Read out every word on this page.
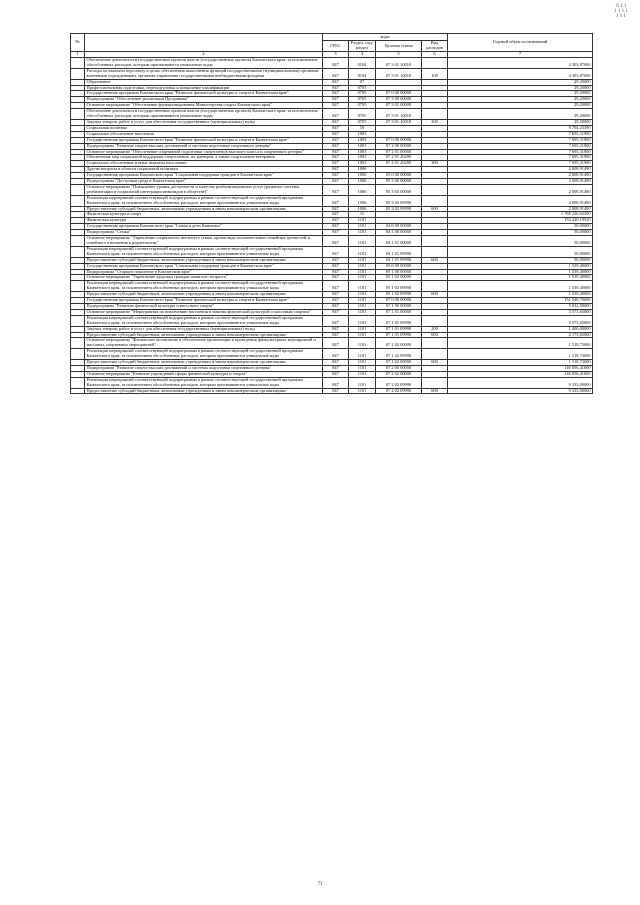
Л 1 1 1 1 1 1 1 1 1
№		коды				Годовой объем ассигнований
		ГРБС	Раздел, под-раздел	Целевая статья	Вид расходов	
1	2	3	4	5	6	7
	Обеспечение деятельности государственных органов власти (государственных органов) Камчатского края, за исключением обособленных расходов, которым присваиваются уникальные коды	847	0104	07 3 01 10010		4 303,87000
	Расходы на выплаты персоналу в целях обеспечения выполнения функций государственными (муниципальными) органами, казенными учреждениями, органами управления государственными внебюджетными фондами	847	0104	07 3 01 10010	100	4 303,87000
	Образование	847	07			29,20000
	Профессиональная подготовка, переподготовка и повышение квалификации	847	0705			29,20000
	Государственная программа Камчатского края "Развитие физической культуры и спорта в Камчатском крае"	847	0705	07 0 00 00000		29,20000
	Подпрограмма "Обеспечение реализации Программы"	847	0705	07 3 00 00000		29,20000
	Основное мероприятие "Обеспечение функционирования Министерства спорта Камчатского края"	847	0705	07 3 01 00000		29,20000
	Обеспечение деятельности государственных органов власти (государственных органов) Камчатского края, за исключением обособленных расходов, которым присваиваются уникальные коды	847	0705	07 3 01 10010		29,20000
	Закупка товаров, работ и услуг для обеспечения государственных (муниципальных) нужд	847	0705	07 3 01 10010	200	29,20000
	Социальная политика	847	10			9 704,23390
	Социальное обеспечение населения	847	1003			7 695,31900
	Государственная программа Камчатского края "Развитие физической культуры и спорта в Камчатском крае"	847	1003	07 0 00 00000		7 695,31900
	Подпрограмма "Развитие спорта высших достижений и системы подготовки спортивного резерва"	847	1003	07 2 00 00000		7 695,31900
	Основное мероприятие "Обеспечение спортивной подготовки спортсменов высокого класса и спортивного резерва"	847	1003	07 2 01 00000		7 695,31900
	Обеспечение мер социальной поддержки спортсменов, их тренеров, а также спортсменов-ветеранов	847	1003	07 2 01 20290		7 695,31900
	Социальное обеспечение и иные выплаты населению	847	1003	07 2 01 20290	300	7 695,31900
	Другие вопросы в области социальной политики	847	1006			2 008,91490
	Государственная программа Камчатского края "Социальная поддержка граждан в Камчатском крае"	847	1006	05 0 00 00000		2 008,91490
	Подпрограмма "Доступная среда в Камчатском крае"	847	1006	05 3 00 00000		2 008,91490
	Основное мероприятие "Повышение уровня доступности и качества реабилитационных услуг (развитие системы реабилитации и социальной интеграции инвалидов в обществе)"	847	1006	05 3 03 00000		2 008,91490
	Реализация мероприятий соответствующей подпрограммы в рамках соответствующей государственной программы Камчатского края, за исключением обособленных расходов, которым присваиваются уникальные коды	847	1006	05 3 03 09990		2 008,91490
	Предоставление субсидий бюджетным, автономным учреждениям и иным некоммерческим организациям	847	1006	05 3 03 09990	600	2 008,91490
	Физическая культура и спорт	847	11			1 788 226,02300
	Физическая культура	847	1101			153 220,19520
	Государственная программа Камчатского края "Семья и дети Камчатки"	847	1101	04 0 00 00000		50,00000
	Подпрограмма "Семья"	847	1101	04 1 00 00000		50,00000
	Основное мероприятие "Укрепление социального института семьи, пропаганда положительных семейных ценностей и семейного отношения к родительству"	847	1101	04 1 01 00000		50,00000
	Реализация мероприятий соответствующей подпрограммы в рамках соответствующей государственной программы Камчатского края, за исключением обособленных расходов, которым присваиваются уникальные коды	847	1101	04 1 01 09990		50,00000
	Предоставление субсидий бюджетным, автономным учреждениям и иным некоммерческим организациям	847	1101	04 1 01 09990	600	50,00000
	Государственная программа Камчатского края "Социальная поддержка граждан в Камчатском крае"	847	1101	05 0 00 00000		1 539,40000
	Подпрограмма "Старшее поколение в Камчатском крае"	847	1101	05 1 00 00000		1 539,40000
	Основное мероприятие "Укрепление здоровья граждан пожилого возраста"	847	1101	05 1 02 00000		1 539,40000
	Реализация мероприятий соответствующей подпрограммы в рамках соответствующей государственной программы Камчатского края, за исключением обособленных расходов, которым присваиваются уникальные коды	847	1101	05 1 02 09990		1 539,40000
	Предоставление субсидий бюджетным, автономным учреждениям и иным некоммерческим организациям	847	1101	05 1 02 09990	600	1 539,40000
	Государственная программа Камчатского края "Развитие физической культуры и спорта в Камчатском крае"	847	1101	07 0 00 00000		151 548,79600
	Подпрограмма "Развитие физической культуры и массового спорта"	847	1101	07 1 00 00000		5 032,88000
	Основное мероприятие "Мероприятия по вовлечению населения в занятия физической культурой и массовым спортом"	847	1101	07 1 01 00000		3 573,65000
	Реализация мероприятий соответствующей подпрограммы в рамках соответствующей государственной программы Камчатского края, за исключением обособленных расходов, которым присваиваются уникальные коды	847	1101	07 1 01 09990		3 573,65000
	Закупка товаров, работ и услуг для обеспечения государственных (муниципальных) нужд	847	1101	07 1 01 09990	200	1 400,00000
	Предоставление субсидий бюджетным, автономным учреждениям и иным некоммерческим организациям	847	1101	07 1 01 09990	600	2 173,65000
	Основное мероприятие "Физическое воспитание и обеспечение организации и проведения физкультурных мероприятий и массовых спортивных мероприятий"	847	1101	07 1 02 00000		1 518,73000
	Реализация мероприятий соответствующей подпрограммы в рамках соответствующей государственной программы Камчатского края, за исключением обособленных расходов, которым присваиваются уникальные коды	847	1101	07 1 02 09990		1 518,73000
	Предоставление субсидий бюджетным, автономным учреждениям и иным некоммерческим организациям	847	1101	07 1 02 09990	600	1 518,73000
	Подпрограмма "Развитие спорта высших достижений и системы подготовки спортивного резерва"	847	1101	07 2 00 00000		146 856,41600
	Основное мероприятие "Развитие учреждений сферы физической культуры и спорта"	847	1101	07 2 02 00000		146 856,41600
	Реализация мероприятий соответствующей подпрограммы в рамках соответствующей государственной программы Камчатского края, за исключением обособленных расходов, которым присваиваются уникальные коды	847	1101	07 2 02 09990		9 333,00000
	Предоставление субсидий бюджетным, автономным учреждениям и иным некоммерческим организациям	847	1101	07 2 02 09990	600	9 333,00000
71
